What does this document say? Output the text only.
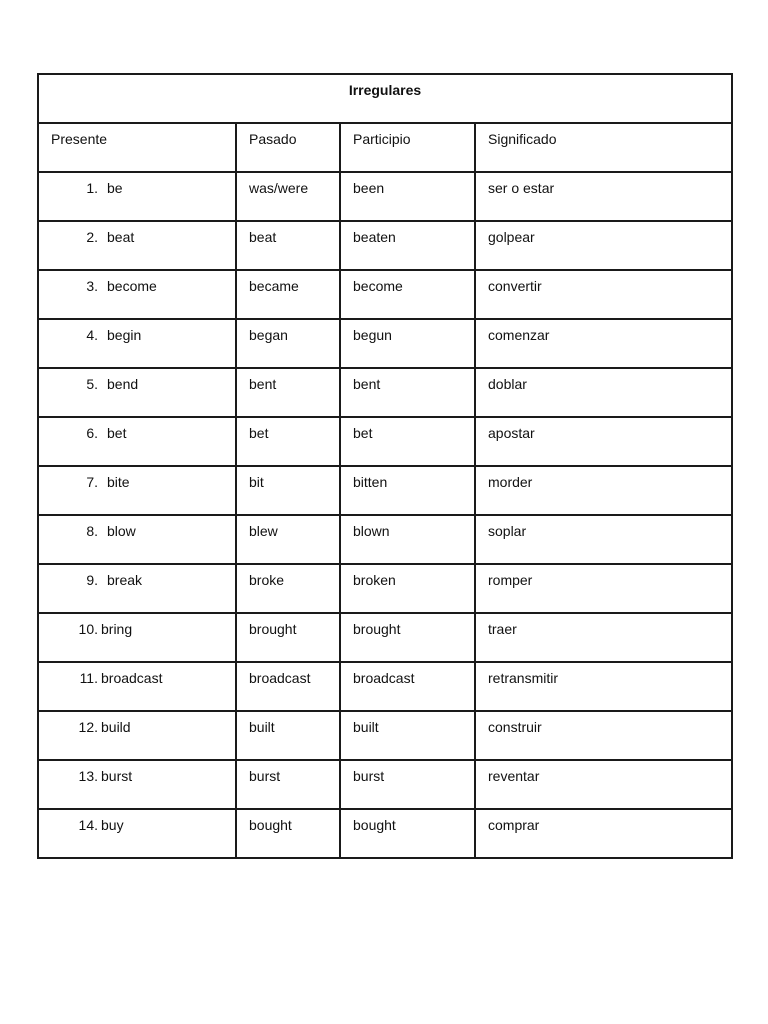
Irregulares			
Presente	Pasado	Participio	Significado
1. be	was/were	been	ser o estar
2. beat	beat	beaten	golpear
3. become	became	become	convertir
4. begin	began	begun	comenzar
5. bend	bent	bent	doblar
6. bet	bet	bet	apostar
7. bite	bit	bitten	morder
8. blow	blew	blown	soplar
9. break	broke	broken	romper
10. bring	brought	brought	traer
11. broadcast	broadcast	broadcast	retransmitir
12. build	built	built	construir
13. burst	burst	burst	reventar
14. buy	bought	bought	comprar
